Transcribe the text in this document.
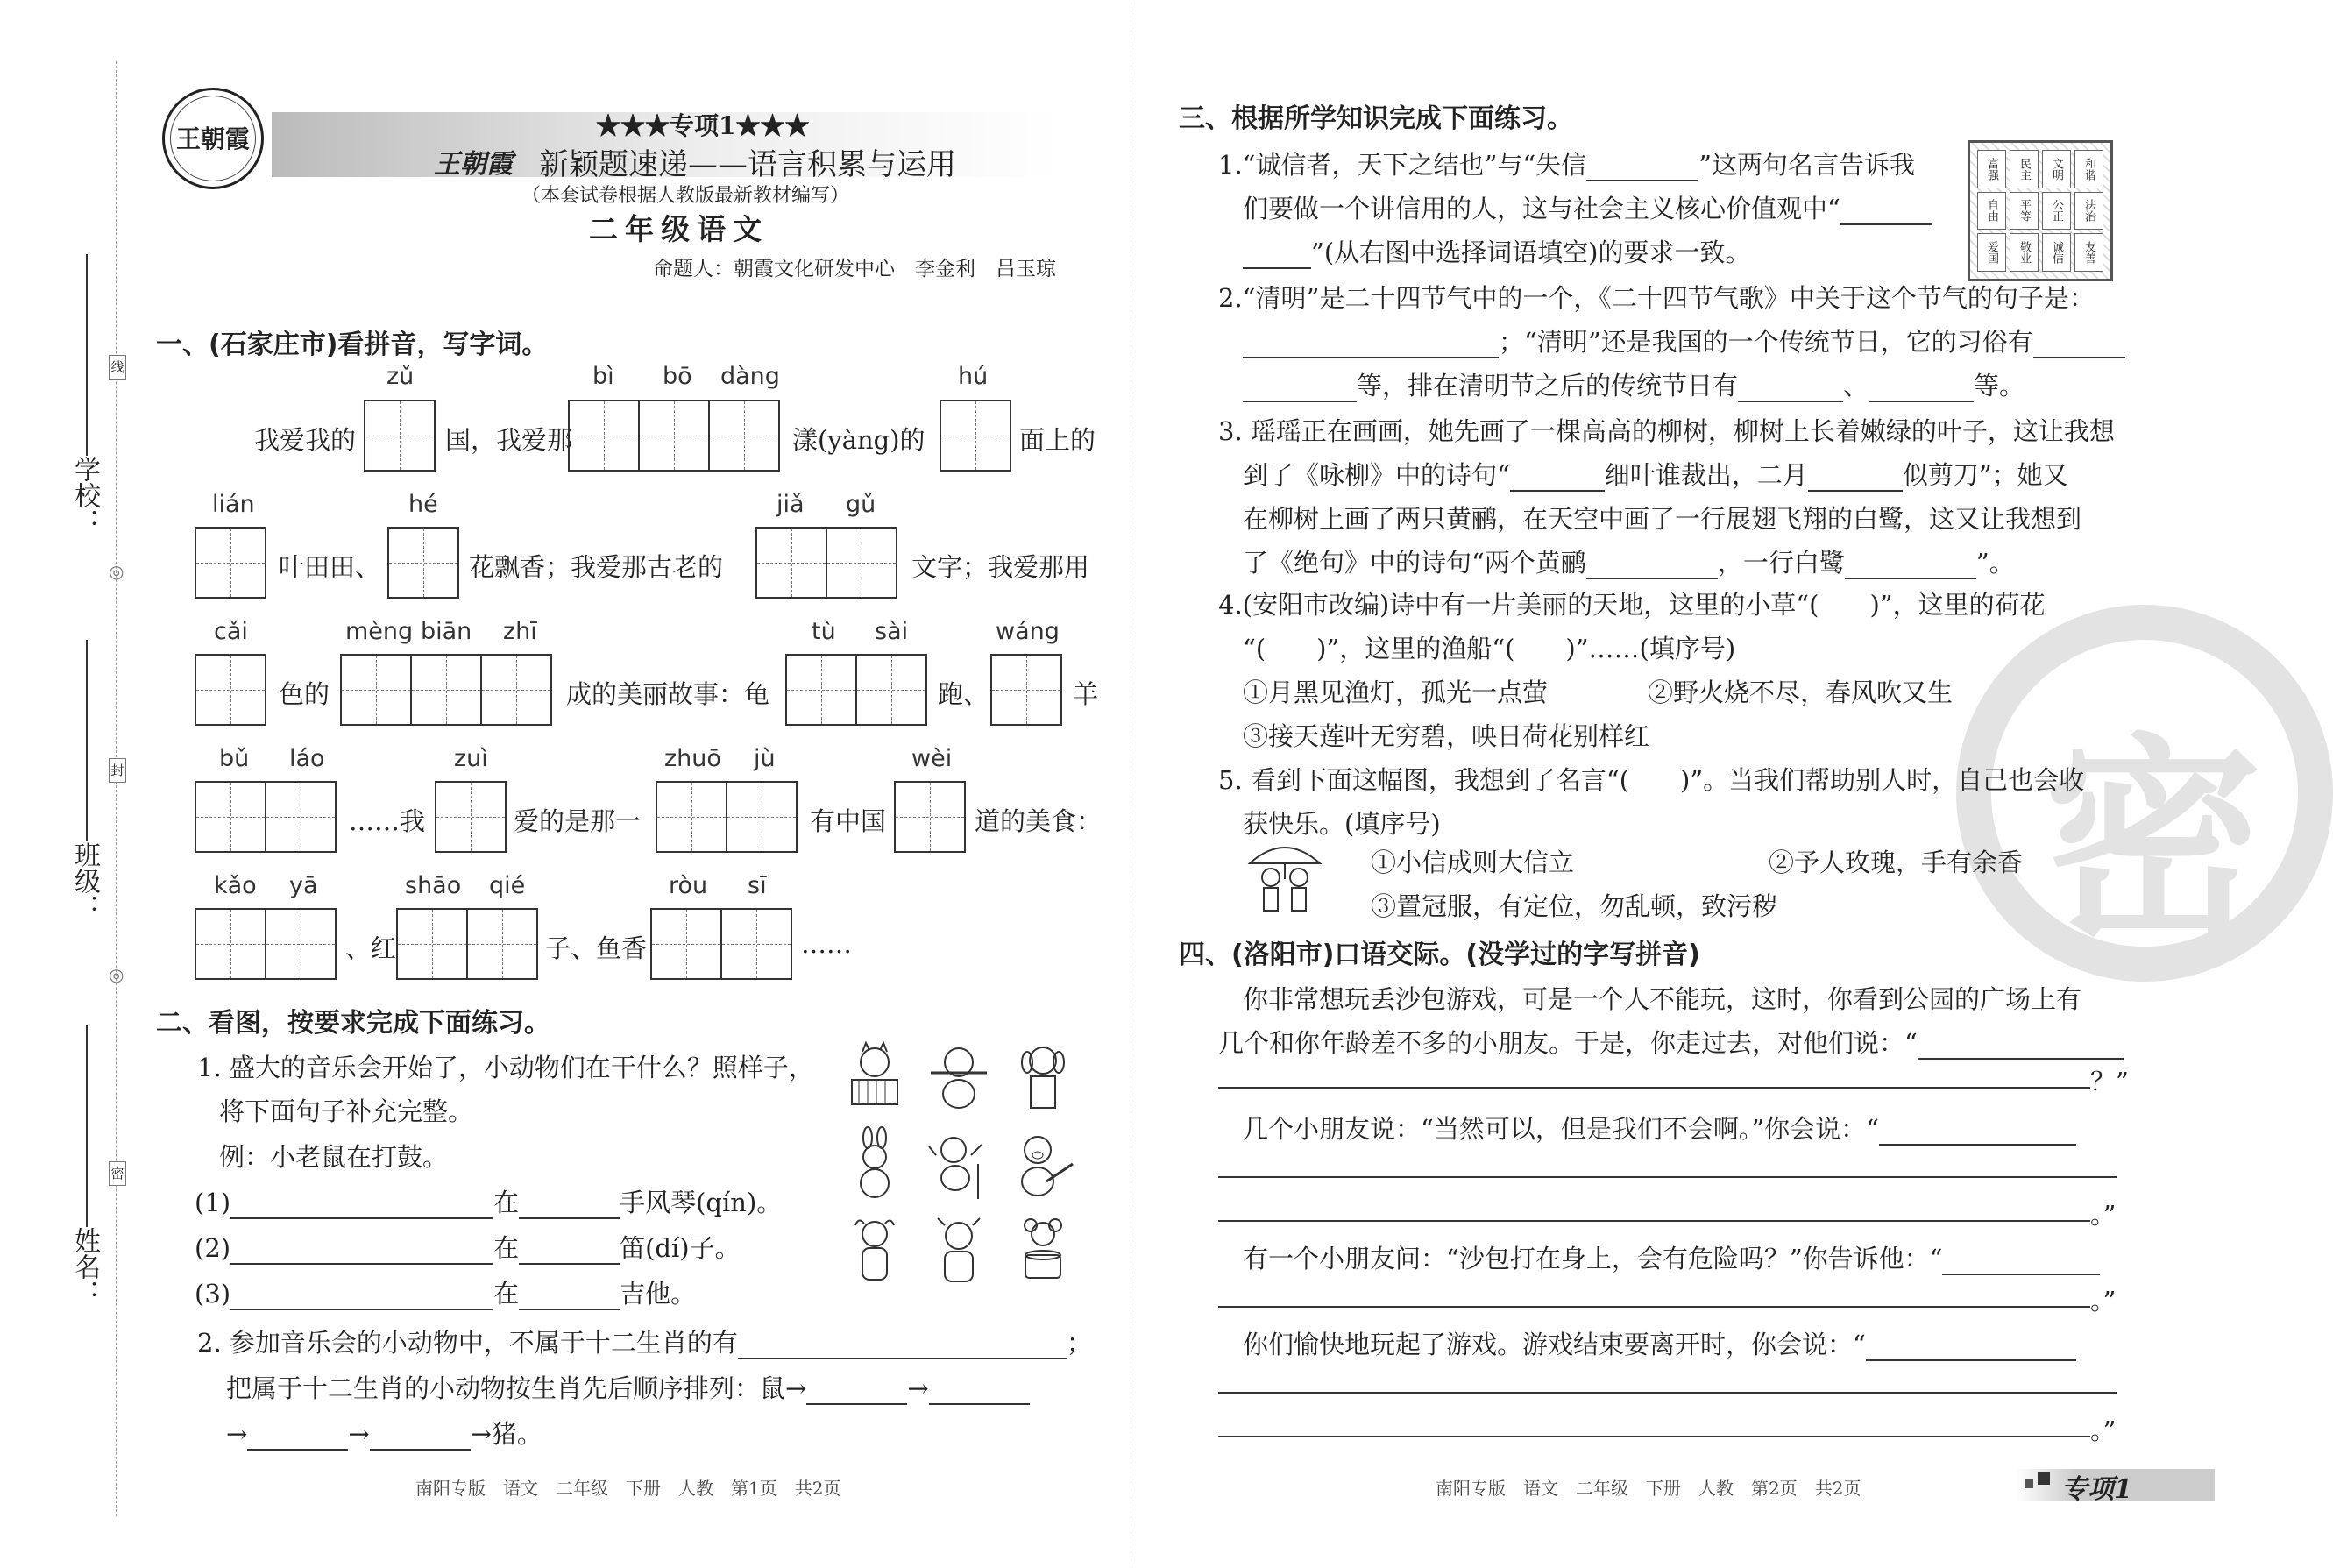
线
封
密
◎
◎
学校：
班级：
姓名：
王朝霞	★★★专项1★★★
王朝霞 新颖题速递——语言积累与运用
（本套试卷根据人教版最新教材编写）
二年级语文
命题人：朝霞文化研发中心　李金利　吕玉琼
一、(石家庄市)看拼音，写字词。
zǔ	bì bō dàng	hú
我爱我的	国，我爱那	漾(yàng)的	面上的
lián	hé	jiǎ gǔ
叶田田、	花飘香；我爱那古老的	文字；我爱那用
cǎi	mèng biān zhī	tù sài	wáng
色的	成的美丽故事：龟	跑、	羊
bǔ láo	zuì	zhuō jù	wèi
……我	爱的是那一	有中国	道的美食：
kǎo yā	shāo qié	ròu sī
、红	子、鱼香	……
二、看图，按要求完成下面练习。
1. 盛大的音乐会开始了，小动物们在干什么？照样子，
将下面句子补充完整。
例：小老鼠在打鼓。
(1)	在	手风琴(qín)。
(2)	在	笛(dí)子。
(3)	在	吉他。
2. 参加音乐会的小动物中，不属于十二生肖的有	；
把属于十二生肖的小动物按生肖先后顺序排列：鼠→	→
→	→	→猪。
南阳专版　语文　二年级　下册　人教　第1页　共2页
密
三、根据所学知识完成下面练习。
1.“诚信者，天下之结也”与“失信	”这两句名言告诉我
们要做一个讲信用的人，这与社会主义核心价值观中“
”(从右图中选择词语填空)的要求一致。
富强	民主	文明	和谐
自由	平等	公正	法治
爱国	敬业	诚信	友善
2.“清明”是二十四节气中的一个，《二十四节气歌》中关于这个节气的句子是：
；“清明”还是我国的一个传统节日，它的习俗有
等，排在清明节之后的传统节日有	、	等。
3. 瑶瑶正在画画，她先画了一棵高高的柳树，柳树上长着嫩绿的叶子，这让我想
到了《咏柳》中的诗句“	细叶谁裁出，二月	似剪刀”；她又
在柳树上画了两只黄鹂，在天空中画了一行展翅飞翔的白鹭，这又让我想到
了《绝句》中的诗句“两个黄鹂	，一行白鹭	”。
4.(安阳市改编)诗中有一片美丽的天地，这里的小草“(　　)”，这里的荷花
“(　　)”，这里的渔船“(　　)”……(填序号)
①月黑见渔灯，孤光一点萤	②野火烧不尽，春风吹又生
③接天莲叶无穷碧，映日荷花别样红
5. 看到下面这幅图，我想到了名言“(　　)”。当我们帮助别人时，自己也会收
获快乐。(填序号)
①小信成则大信立	②予人玫瑰，手有余香
③置冠服，有定位，勿乱顿，致污秽
四、(洛阳市)口语交际。(没学过的字写拼音)
你非常想玩丢沙包游戏，可是一个人不能玩，这时，你看到公园的广场上有
几个和你年龄差不多的小朋友。于是，你走过去，对他们说：“
？”
几个小朋友说：“当然可以，但是我们不会啊。”你会说：“
。”
有一个小朋友问：“沙包打在身上，会有危险吗？”你告诉他：“
。”
你们愉快地玩起了游戏。游戏结束要离开时，你会说：“
。”
南阳专版　语文　二年级　下册　人教　第2页　共2页	专项1
